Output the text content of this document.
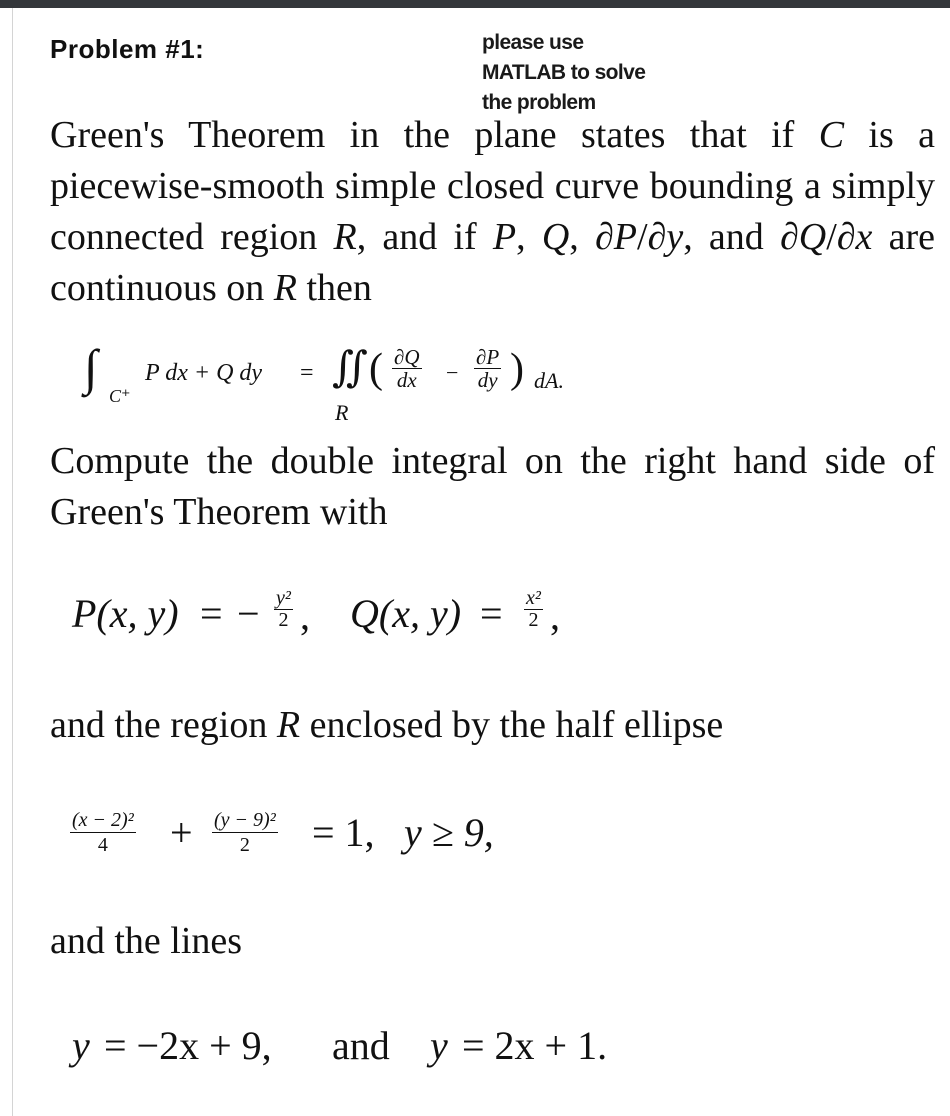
Problem #1:	please use
MATLAB to solve
the problem
Green's Theorem in the plane states that if C is a piecewise-smooth simple closed curve bounding a simply connected region R, and if P, Q, ∂P/∂y, and ∂Q/∂x are continuous on R then
∫
C⁺
P dx + Q dy = ∬
R
( $\frac{\partial Q}{dx} - \frac{\partial P}{dy}$ ) dA.
Compute the double integral on the right hand side of Green's Theorem with
P(x, y) = − $\frac{\text{y²}}{2}$ , Q(x, $y) = \frac{\text{x²}}{2}$ ,
and the region R enclosed by the half ellipse
$\frac{\text{(x − 2)²}}{4} + \frac{\text{(y − 9)²}}{2} = 1$, y ≥ 9,
and the lines
y = −2x + 9, and y = 2x + 1.
